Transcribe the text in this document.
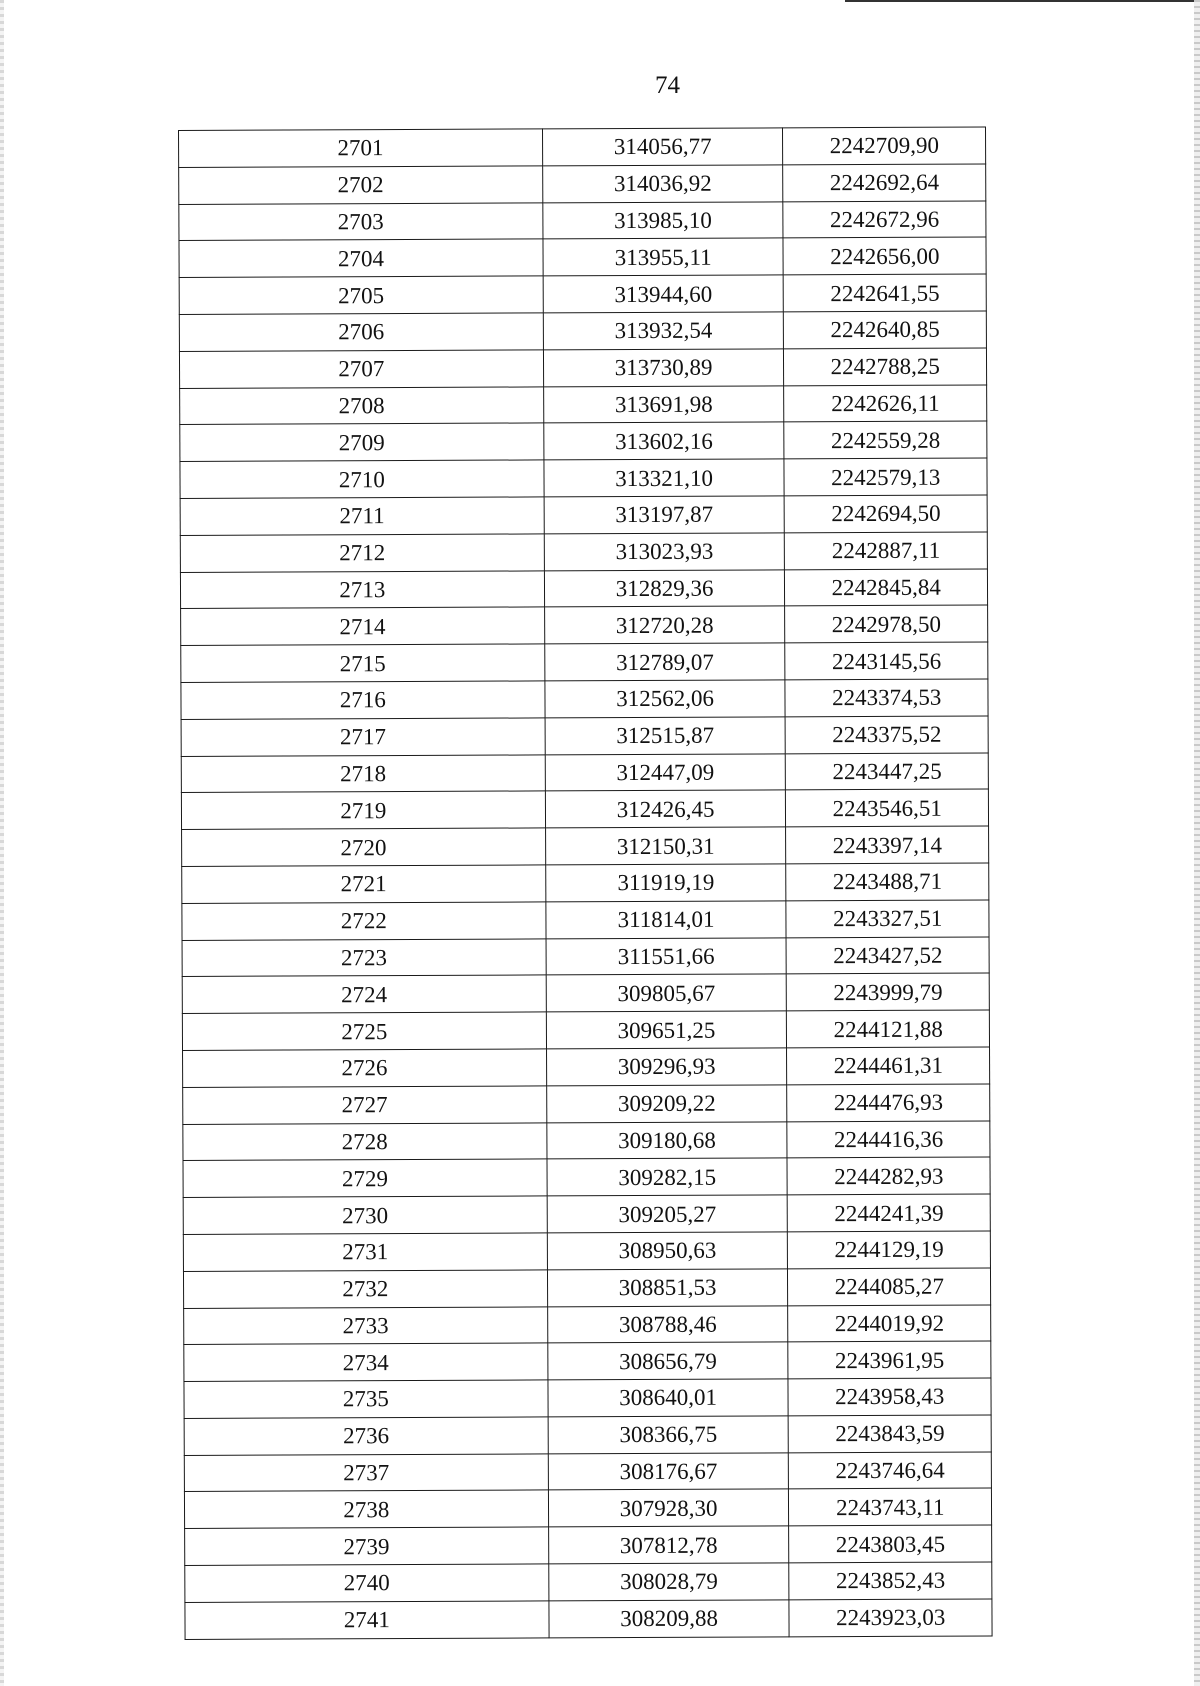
74
2701	314056,77	2242709,90
2702	314036,92	2242692,64
2703	313985,10	2242672,96
2704	313955,11	2242656,00
2705	313944,60	2242641,55
2706	313932,54	2242640,85
2707	313730,89	2242788,25
2708	313691,98	2242626,11
2709	313602,16	2242559,28
2710	313321,10	2242579,13
2711	313197,87	2242694,50
2712	313023,93	2242887,11
2713	312829,36	2242845,84
2714	312720,28	2242978,50
2715	312789,07	2243145,56
2716	312562,06	2243374,53
2717	312515,87	2243375,52
2718	312447,09	2243447,25
2719	312426,45	2243546,51
2720	312150,31	2243397,14
2721	311919,19	2243488,71
2722	311814,01	2243327,51
2723	311551,66	2243427,52
2724	309805,67	2243999,79
2725	309651,25	2244121,88
2726	309296,93	2244461,31
2727	309209,22	2244476,93
2728	309180,68	2244416,36
2729	309282,15	2244282,93
2730	309205,27	2244241,39
2731	308950,63	2244129,19
2732	308851,53	2244085,27
2733	308788,46	2244019,92
2734	308656,79	2243961,95
2735	308640,01	2243958,43
2736	308366,75	2243843,59
2737	308176,67	2243746,64
2738	307928,30	2243743,11
2739	307812,78	2243803,45
2740	308028,79	2243852,43
2741	308209,88	2243923,03
